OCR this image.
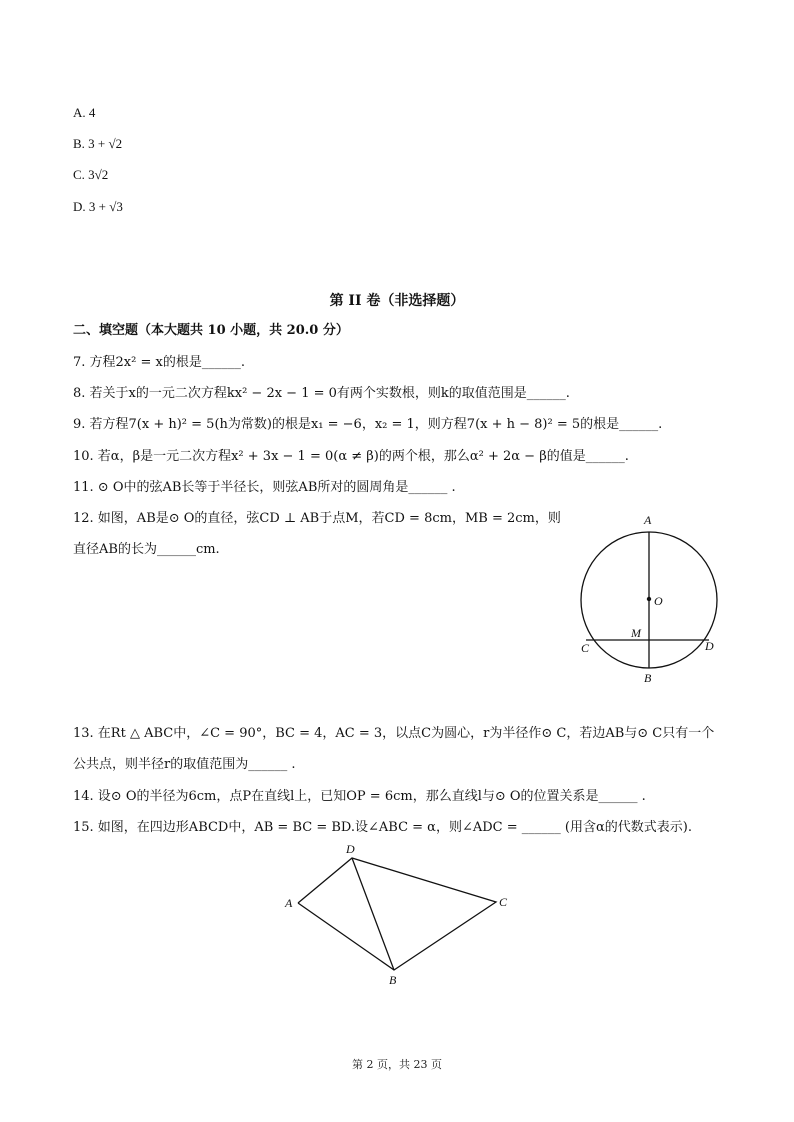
A. 4
B. 3 + √2
C. 3√2
D. 3 + √3
第 II 卷（非选择题）
二、填空题（本大题共 10 小题，共 20.0 分）
7. 方程2x² = x的根是______.
8. 若关于x的一元二次方程kx² − 2x − 1 = 0有两个实数根，则k的取值范围是______.
9. 若方程7(x + h)² = 5(h为常数)的根是x₁ = −6，x₂ = 1，则方程7(x + h − 8)² = 5的根是______.
10. 若α，β是一元二次方程x² + 3x − 1 = 0(α ≠ β)的两个根，那么α² + 2α − β的值是______.
11. ⊙ O中的弦AB长等于半径长，则弦AB所对的圆周角是______ .
12. 如图，AB是⊙ O的直径，弦CD ⊥ AB于点M，若CD = 8cm，MB = 2cm，则
直径AB的长为______cm.
A
B
C	D
M
O
13. 在Rt △ ABC中，∠C = 90°，BC = 4，AC = 3，以点C为圆心，r为半径作⊙ C，若边AB与⊙ C只有一个
公共点，则半径r的取值范围为______ .
14. 设⊙ O的半径为6cm，点P在直线l上，已知OP = 6cm，那么直线l与⊙ O的位置关系是______ .
15. 如图，在四边形ABCD中，AB = BC = BD.设∠ABC = α，则∠ADC = ______ (用含α的代数式表示).
A
D
C
B
第 2 页，共 23 页
